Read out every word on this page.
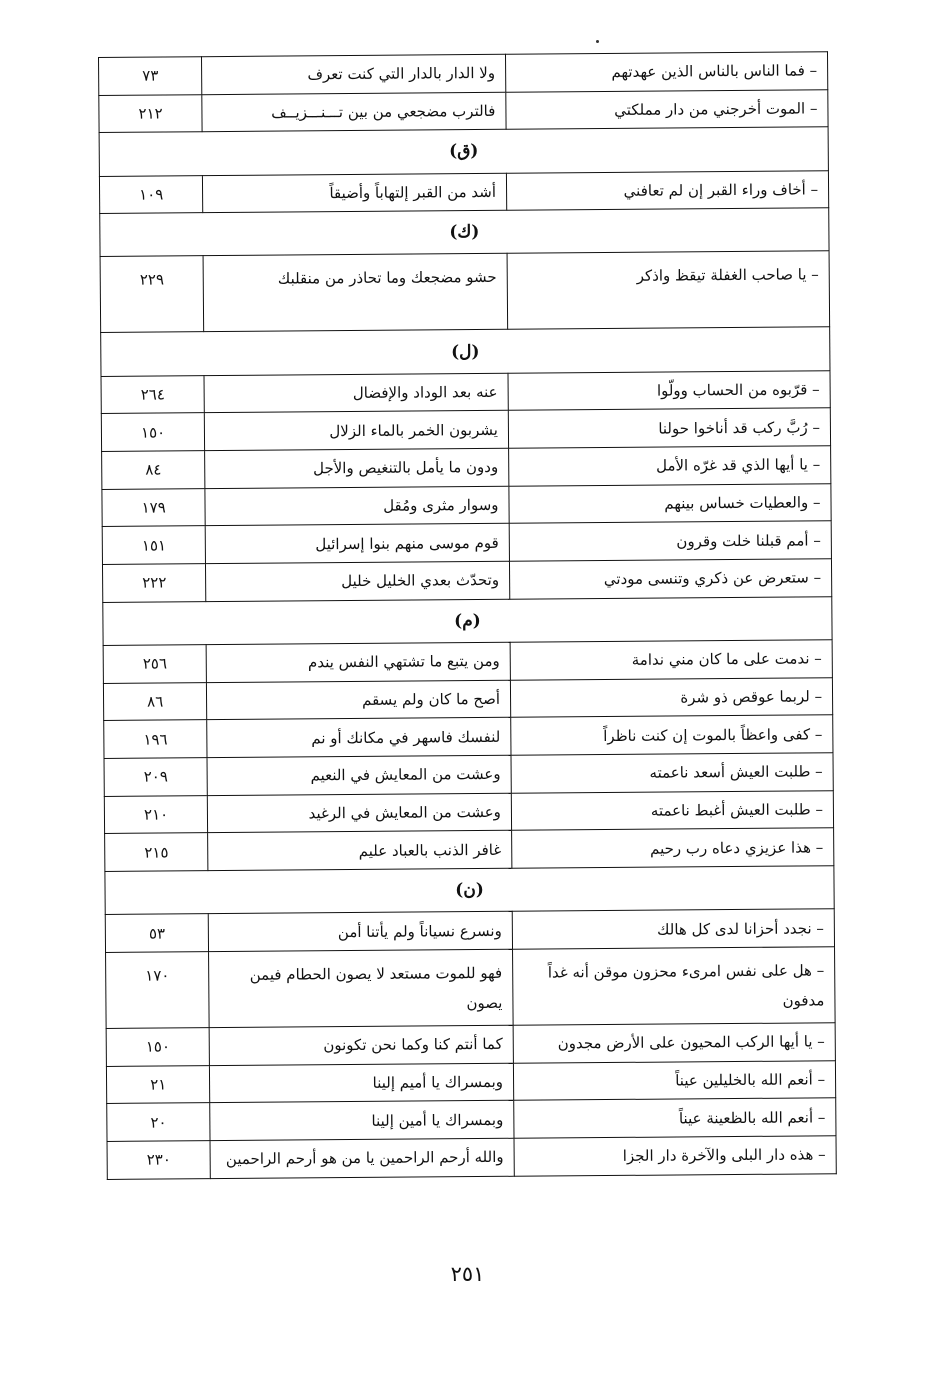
– فما الناس بالناس الذين عهدتهم	ولا الدار بالدار التي كنت تعرف	٧٣
– الموت أخرجني من دار مملكتي	فالترب مضجعي من بين تـــنـــزيــف	٢١٢
(ق)		
– أخاف وراء القبر إن لم تعافني	أشد من القبر إلتهاباً وأضيقاً	١٠٩
(ك)		
– يا صاحب الغفلة تيقظ واذكر	حشو مضجعك وما تحاذر من منقلبك	٢٢٩
(ل)		
– قرّبوه من الحساب وولّوا	عنه بعد الوداد والإفضال	٢٦٤
– رُبَّ ركب قد أناخوا حولنا	يشربون الخمر بالماء الزلال	١٥٠
– يا أيها الذي قد غرّه الأمل	ودون ما يأمل بالتنغيص والأجل	٨٤
– والعطيات خساس بينهم	وسوار مثرى ومُقل	١٧٩
– أمم قبلنا خلت وقرون	قوم موسى منهم بنوا إسرائيل	١٥١
– ستعرض عن ذكري وتنسى مودتي	وتحدّث بعدي الخليل خليل	٢٢٢
(م)		
– ندمت على ما كان مني ندامة	ومن يتبع ما تشتهي النفس يندم	٢٥٦
– لربما عوقص ذو شرة	أصح ما كان ولم يسقم	٨٦
– كفى واعظاً بالموت إن كنت ناظراً	لنفسك فاسهر في مكانك أو نم	١٩٦
– طلبت العيش أسعد ناعمته	وعشت من المعايش في النعيم	٢٠٩
– طلبت العيش أغبط ناعمته	وعشت من المعايش في الرغيد	٢١٠
– هذا عزيزي دعاه رب رحيم	غافر الذنب بالعباد عليم	٢١٥
(ن)		
– نجدد أحزانا لدى كل هالك	ونسرع نسياناً ولم يأتنا أمن	٥٣
– هل على نفس امرىء محزون موقن أنه غداً مدفون	فهو للموت مستعد لا يصون الحطام فيمن يصون	١٧٠
– يا أيها الركب المحيون على الأرض مجدون	كما أنتم كنا وكما نحن تكونون	١٥٠
– أنعم الله بالخليلين عيناً	وبمسراك يا أميم إلينا	٢١
– أنعم الله بالظعينة عيناً	وبمسراك يا أمين إلينا	٢٠
– هذه دار البلى والآخرة دار الجزا	والله أرحم الراحمين يا من هو أرحم الراحمين	٢٣٠
٢٥١
